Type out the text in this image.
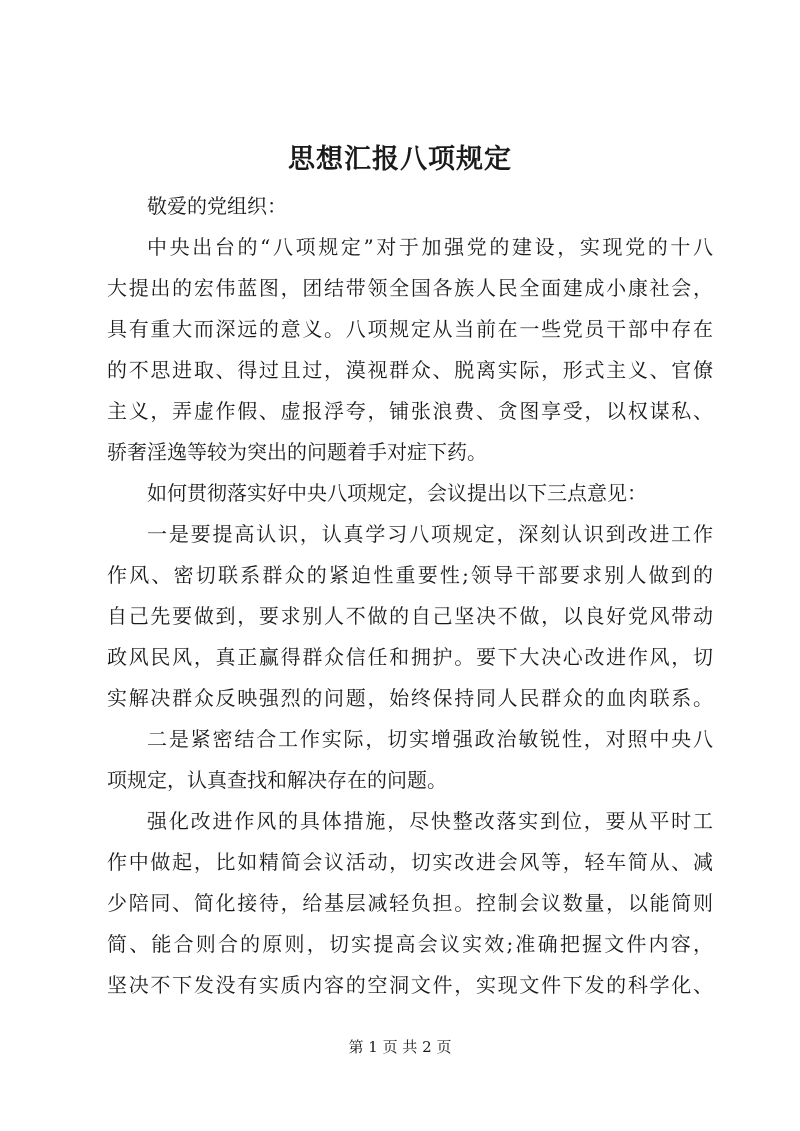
思想汇报八项规定
敬爱的党组织：
中央出台的“八项规定”对于加强党的建设，实现党的十八
大提出的宏伟蓝图，团结带领全国各族人民全面建成小康社会，
具有重大而深远的意义。八项规定从当前在一些党员干部中存在
的不思进取、得过且过，漠视群众、脱离实际，形式主义、官僚
主义，弄虚作假、虚报浮夸，铺张浪费、贪图享受，以权谋私、
骄奢淫逸等较为突出的问题着手对症下药。
如何贯彻落实好中央八项规定，会议提出以下三点意见：
一是要提高认识，认真学习八项规定，深刻认识到改进工作
作风、密切联系群众的紧迫性重要性;领导干部要求别人做到的
自己先要做到，要求别人不做的自己坚决不做，以良好党风带动
政风民风，真正赢得群众信任和拥护。要下大决心改进作风，切
实解决群众反映强烈的问题，始终保持同人民群众的血肉联系。
二是紧密结合工作实际，切实增强政治敏锐性，对照中央八
项规定，认真查找和解决存在的问题。
强化改进作风的具体措施，尽快整改落实到位，要从平时工
作中做起，比如精简会议活动，切实改进会风等，轻车简从、减
少陪同、简化接待，给基层减轻负担。控制会议数量，以能简则
简、能合则合的原则，切实提高会议实效;准确把握文件内容，
坚决不下发没有实质内容的空洞文件，实现文件下发的科学化、
第 1 页 共 2 页
